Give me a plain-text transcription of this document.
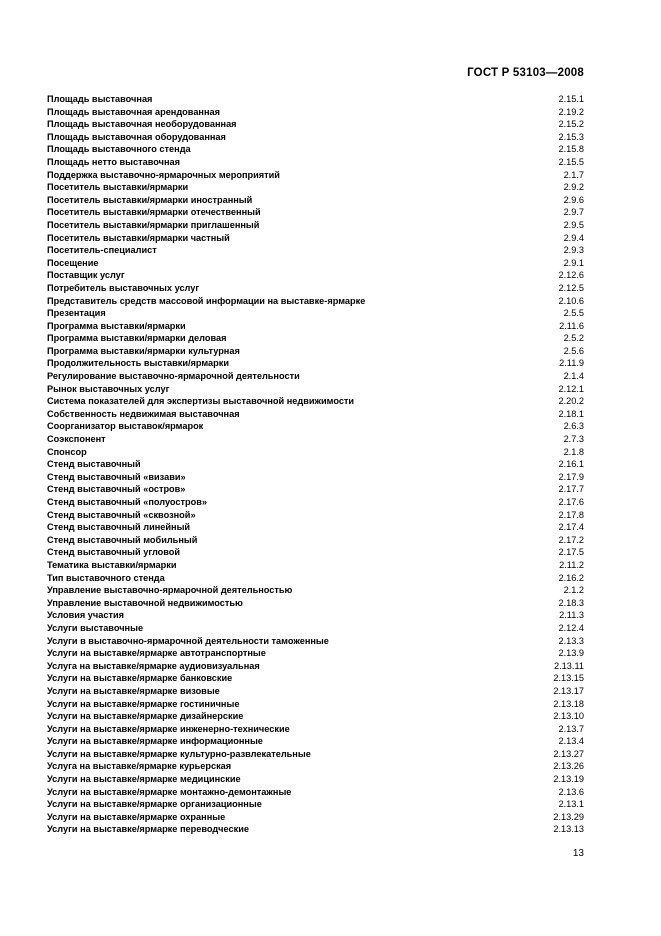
ГОСТ Р 53103—2008
Площадь выставочная	2.15.1
Площадь выставочная арендованная	2.19.2
Площадь выставочная необорудованная	2.15.2
Площадь выставочная оборудованная	2.15.3
Площадь выставочного стенда	2.15.8
Площадь нетто выставочная	2.15.5
Поддержка выставочно-ярмарочных мероприятий	2.1.7
Посетитель выставки/ярмарки	2.9.2
Посетитель выставки/ярмарки иностранный	2.9.6
Посетитель выставки/ярмарки отечественный	2.9.7
Посетитель выставки/ярмарки приглашенный	2.9.5
Посетитель выставки/ярмарки частный	2.9.4
Посетитель-специалист	2.9.3
Посещение	2.9.1
Поставщик услуг	2.12.6
Потребитель выставочных услуг	2.12.5
Представитель средств массовой информации на выставке-ярмарке	2.10.6
Презентация	2.5.5
Программа выставки/ярмарки	2.11.6
Программа выставки/ярмарки деловая	2.5.2
Программа выставки/ярмарки культурная	2.5.6
Продолжительность выставки/ярмарки	2.11.9
Регулирование выставочно-ярмарочной деятельности	2.1.4
Рынок выставочных услуг	2.12.1
Система показателей для экспертизы выставочной недвижимости	2.20.2
Собственность недвижимая выставочная	2.18.1
Соорганизатор выставок/ярмарок	2.6.3
Соэкспонент	2.7.3
Спонсор	2.1.8
Стенд выставочный	2.16.1
Стенд выставочный «визави»	2.17.9
Стенд выставочный «остров»	2.17.7
Стенд выставочный «полуостров»	2.17.6
Стенд выставочный «сквозной»	2.17.8
Стенд выставочный линейный	2.17.4
Стенд выставочный мобильный	2.17.2
Стенд выставочный угловой	2.17.5
Тематика выставки/ярмарки	2.11.2
Тип выставочного стенда	2.16.2
Управление выставочно-ярмарочной деятельностью	2.1.2
Управление выставочной недвижимостью	2.18.3
Условия участия	2.11.3
Услуги выставочные	2.12.4
Услуги в выставочно-ярмарочной деятельности таможенные	2.13.3
Услуги на выставке/ярмарке автотранспортные	2.13.9
Услуга на выставке/ярмарке аудиовизуальная	2.13.11
Услуги на выставке/ярмарке банковские	2.13.15
Услуги на выставке/ярмарке визовые	2.13.17
Услуги на выставке/ярмарке гостиничные	2.13.18
Услуги на выставке/ярмарке дизайнерские	2.13.10
Услуги на выставке/ярмарке инженерно-технические	2.13.7
Услуги на выставке/ярмарке информационные	2.13.4
Услуги на выставке/ярмарке культурно-развлекательные	2.13.27
Услуга на выставке/ярмарке курьерская	2.13.26
Услуги на выставке/ярмарке медицинские	2.13.19
Услуги на выставке/ярмарке монтажно-демонтажные	2.13.6
Услуги на выставке/ярмарке организационные	2.13.1
Услуги на выставке/ярмарке охранные	2.13.29
Услуги на выставке/ярмарке переводческие	2.13.13
13
